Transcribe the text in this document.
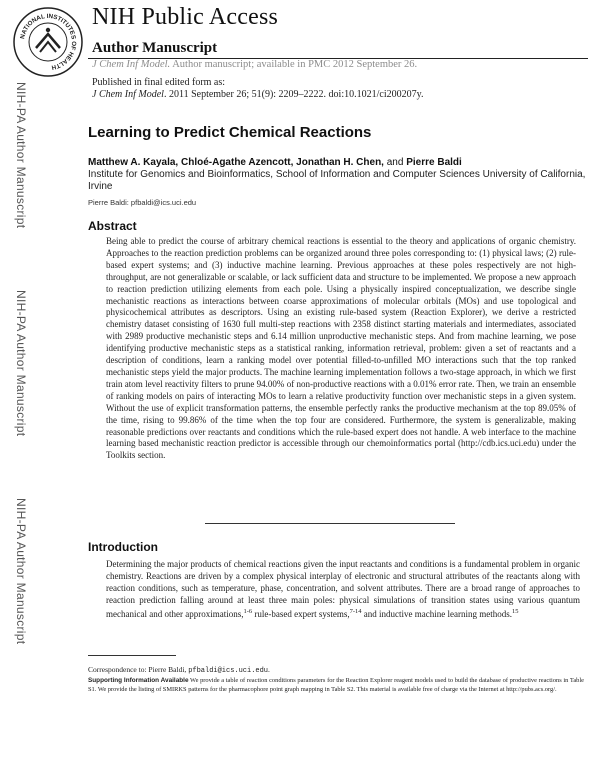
NATIONAL INSTITUTES OF HEALTH
NIH Public Access
Author Manuscript
J Chem Inf Model. Author manuscript; available in PMC 2012 September 26.
Published in final edited form as:
J Chem Inf Model. 2011 September 26; 51(9): 2209–2222. doi:10.1021/ci200207y.
NIH-PA Author Manuscript
NIH-PA Author Manuscript
NIH-PA Author Manuscript
Learning to Predict Chemical Reactions
Matthew A. Kayala, Chloé-Agathe Azencott, Jonathan H. Chen, and Pierre Baldi
Institute for Genomics and Bioinformatics, School of Information and Computer Sciences University of California, Irvine
Pierre Baldi: pfbaldi@ics.uci.edu
Abstract
Being able to predict the course of arbitrary chemical reactions is essential to the theory and applications of organic chemistry. Approaches to the reaction prediction problems can be organized around three poles corresponding to: (1) physical laws; (2) rule-based expert systems; and (3) inductive machine learning. Previous approaches at these poles respectively are not high-throughput, are not generalizable or scalable, or lack sufficient data and structure to be implemented. We propose a new approach to reaction prediction utilizing elements from each pole. Using a physically inspired conceptualization, we describe single mechanistic reactions as interactions between coarse approximations of molecular orbitals (MOs) and use topological and physicochemical attributes as descriptors. Using an existing rule-based system (Reaction Explorer), we derive a restricted chemistry dataset consisting of 1630 full multi-step reactions with 2358 distinct starting materials and intermediates, associated with 2989 productive mechanistic steps and 6.14 million unproductive mechanistic steps. And from machine learning, we pose identifying productive mechanistic steps as a statistical ranking, information retrieval, problem: given a set of reactants and a description of conditions, learn a ranking model over potential filled-to-unfilled MO interactions such that the top ranked mechanistic steps yield the major products. The machine learning implementation follows a two-stage approach, in which we first train atom level reactivity filters to prune 94.00% of non-productive reactions with a 0.01% error rate. Then, we train an ensemble of ranking models on pairs of interacting MOs to learn a relative productivity function over mechanistic steps in a given system. Without the use of explicit transformation patterns, the ensemble perfectly ranks the productive mechanism at the top 89.05% of the time, rising to 99.86% of the time when the top four are considered. Furthermore, the system is generalizable, making reasonable predictions over reactants and conditions which the rule-based expert does not handle. A web interface to the machine learning based mechanistic reaction predictor is accessible through our chemoinformatics portal (http://cdb.ics.uci.edu) under the Toolkits section.
Introduction
Determining the major products of chemical reactions given the input reactants and conditions is a fundamental problem in organic chemistry. Reactions are driven by a complex physical interplay of electronic and structural attributes of the reactants along with reaction conditions, such as temperature, phase, concentration, and solvent attributes. There are a broad range of approaches to reaction prediction falling around at least three main poles: physical simulations of transition states using various quantum mechanical and other approximations,$^{1-6}$ rule-based expert systems,$^{7-14}$ and inductive machine learning methods.$^{15}$
Correspondence to: Pierre Baldi, pfbaldi@ics.uci.edu.
Supporting Information Available We provide a table of reaction conditions parameters for the Reaction Explorer reagent models used to build the database of productive reactions in Table S1. We provide the listing of SMIRKS patterns for the pharmacophore point graph mapping in Table S2. This material is available free of charge via the Internet at http://pubs.acs.org/.
